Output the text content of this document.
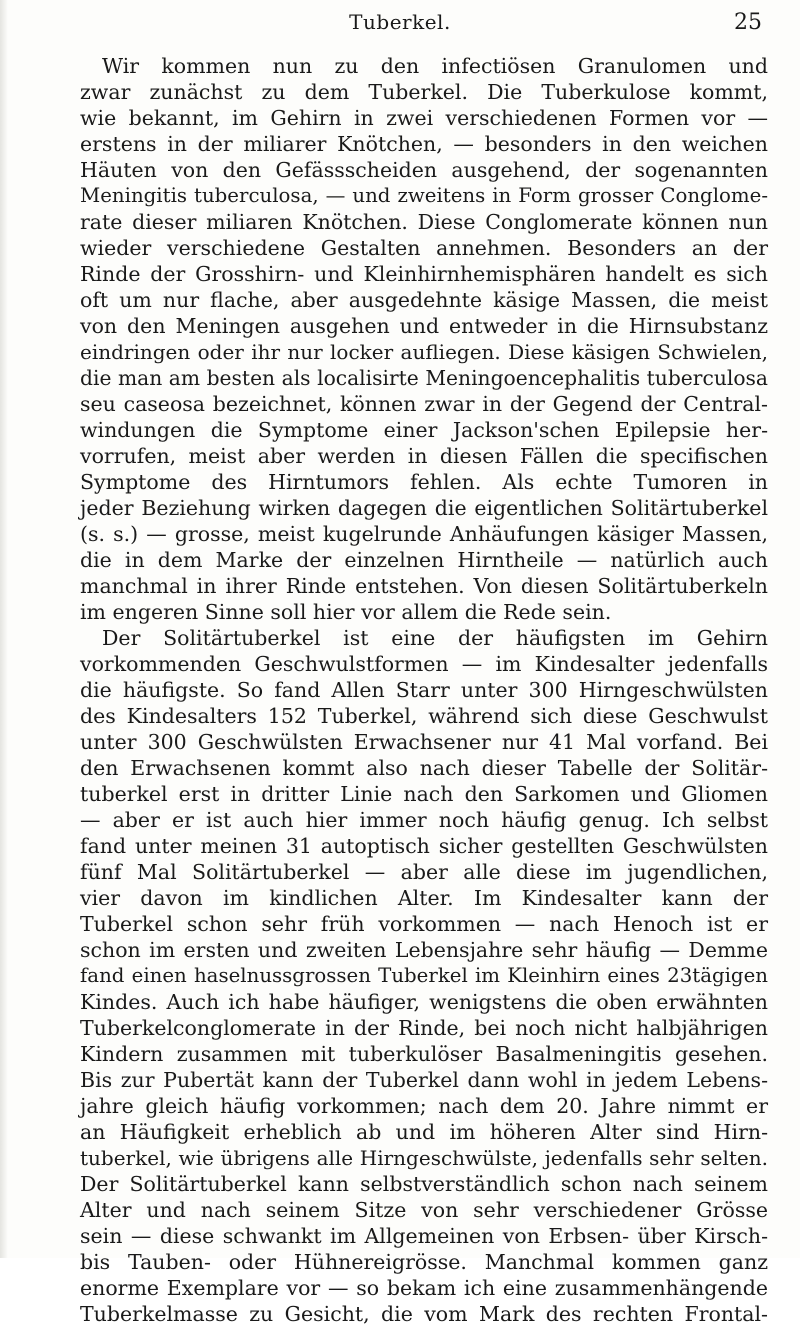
Tuberkel.	25
Wir kommen nun zu den infectiösen Granulomen und
zwar zunächst zu dem Tuberkel. Die Tuberkulose kommt,
wie bekannt, im Gehirn in zwei verschiedenen Formen vor —
erstens in der miliarer Knötchen, — besonders in den weichen
Häuten von den Gefässscheiden ausgehend, der sogenannten
Meningitis tuberculosa, — und zweitens in Form grosser Conglome-
rate dieser miliaren Knötchen. Diese Conglomerate können nun
wieder verschiedene Gestalten annehmen. Besonders an der
Rinde der Grosshirn- und Kleinhirnhemisphären handelt es sich
oft um nur flache, aber ausgedehnte käsige Massen, die meist
von den Meningen ausgehen und entweder in die Hirnsubstanz
eindringen oder ihr nur locker aufliegen. Diese käsigen Schwielen,
die man am besten als localisirte Meningoencephalitis tuberculosa
seu caseosa bezeichnet, können zwar in der Gegend der Central-
windungen die Symptome einer Jackson'schen Epilepsie her-
vorrufen, meist aber werden in diesen Fällen die specifischen
Symptome des Hirntumors fehlen. Als echte Tumoren in
jeder Beziehung wirken dagegen die eigentlichen Solitärtuberkel
(s. s.) — grosse, meist kugelrunde Anhäufungen käsiger Massen,
die in dem Marke der einzelnen Hirntheile — natürlich auch
manchmal in ihrer Rinde entstehen. Von diesen Solitärtuberkeln
im engeren Sinne soll hier vor allem die Rede sein.
Der Solitärtuberkel ist eine der häufigsten im Gehirn
vorkommenden Geschwulstformen — im Kindesalter jedenfalls
die häufigste. So fand Allen Starr unter 300 Hirngeschwülsten
des Kindesalters 152 Tuberkel, während sich diese Geschwulst
unter 300 Geschwülsten Erwachsener nur 41 Mal vorfand. Bei
den Erwachsenen kommt also nach dieser Tabelle der Solitär-
tuberkel erst in dritter Linie nach den Sarkomen und Gliomen
— aber er ist auch hier immer noch häufig genug. Ich selbst
fand unter meinen 31 autoptisch sicher gestellten Geschwülsten
fünf Mal Solitärtuberkel — aber alle diese im jugendlichen,
vier davon im kindlichen Alter. Im Kindesalter kann der
Tuberkel schon sehr früh vorkommen — nach Henoch ist er
schon im ersten und zweiten Lebensjahre sehr häufig — Demme
fand einen haselnussgrossen Tuberkel im Kleinhirn eines 23tägigen
Kindes. Auch ich habe häufiger, wenigstens die oben erwähnten
Tuberkelconglomerate in der Rinde, bei noch nicht halbjährigen
Kindern zusammen mit tuberkulöser Basalmeningitis gesehen.
Bis zur Pubertät kann der Tuberkel dann wohl in jedem Lebens-
jahre gleich häufig vorkommen; nach dem 20. Jahre nimmt er
an Häufigkeit erheblich ab und im höheren Alter sind Hirn-
tuberkel, wie übrigens alle Hirngeschwülste, jedenfalls sehr selten.
Der Solitärtuberkel kann selbstverständlich schon nach seinem
Alter und nach seinem Sitze von sehr verschiedener Grösse
sein — diese schwankt im Allgemeinen von Erbsen- über Kirsch-
bis Tauben- oder Hühnereigrösse. Manchmal kommen ganz
enorme Exemplare vor — so bekam ich eine zusammenhängende
Tuberkelmasse zu Gesicht, die vom Mark des rechten Frontal-
